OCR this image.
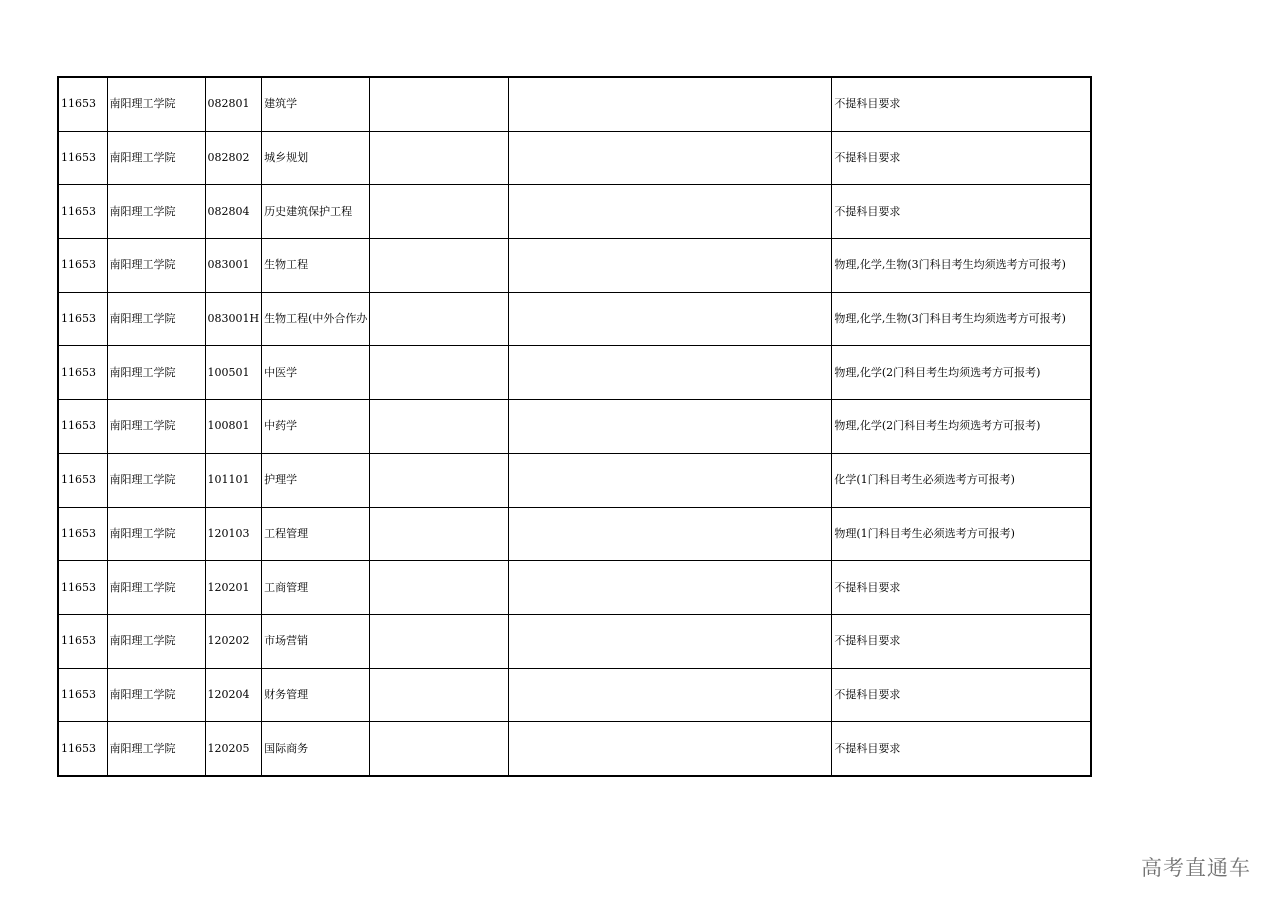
11653	南阳理工学院	082801	建筑学			不提科目要求
11653	南阳理工学院	082802	城乡规划			不提科目要求
11653	南阳理工学院	082804	历史建筑保护工程			不提科目要求
11653	南阳理工学院	083001	生物工程			物理,化学,生物(3门科目考生均须选考方可报考)
11653	南阳理工学院	083001H	生物工程(中外合作办			物理,化学,生物(3门科目考生均须选考方可报考)
11653	南阳理工学院	100501	中医学			物理,化学(2门科目考生均须选考方可报考)
11653	南阳理工学院	100801	中药学			物理,化学(2门科目考生均须选考方可报考)
11653	南阳理工学院	101101	护理学			化学(1门科目考生必须选考方可报考)
11653	南阳理工学院	120103	工程管理			物理(1门科目考生必须选考方可报考)
11653	南阳理工学院	120201	工商管理			不提科目要求
11653	南阳理工学院	120202	市场营销			不提科目要求
11653	南阳理工学院	120204	财务管理			不提科目要求
11653	南阳理工学院	120205	国际商务			不提科目要求
高考直通车
